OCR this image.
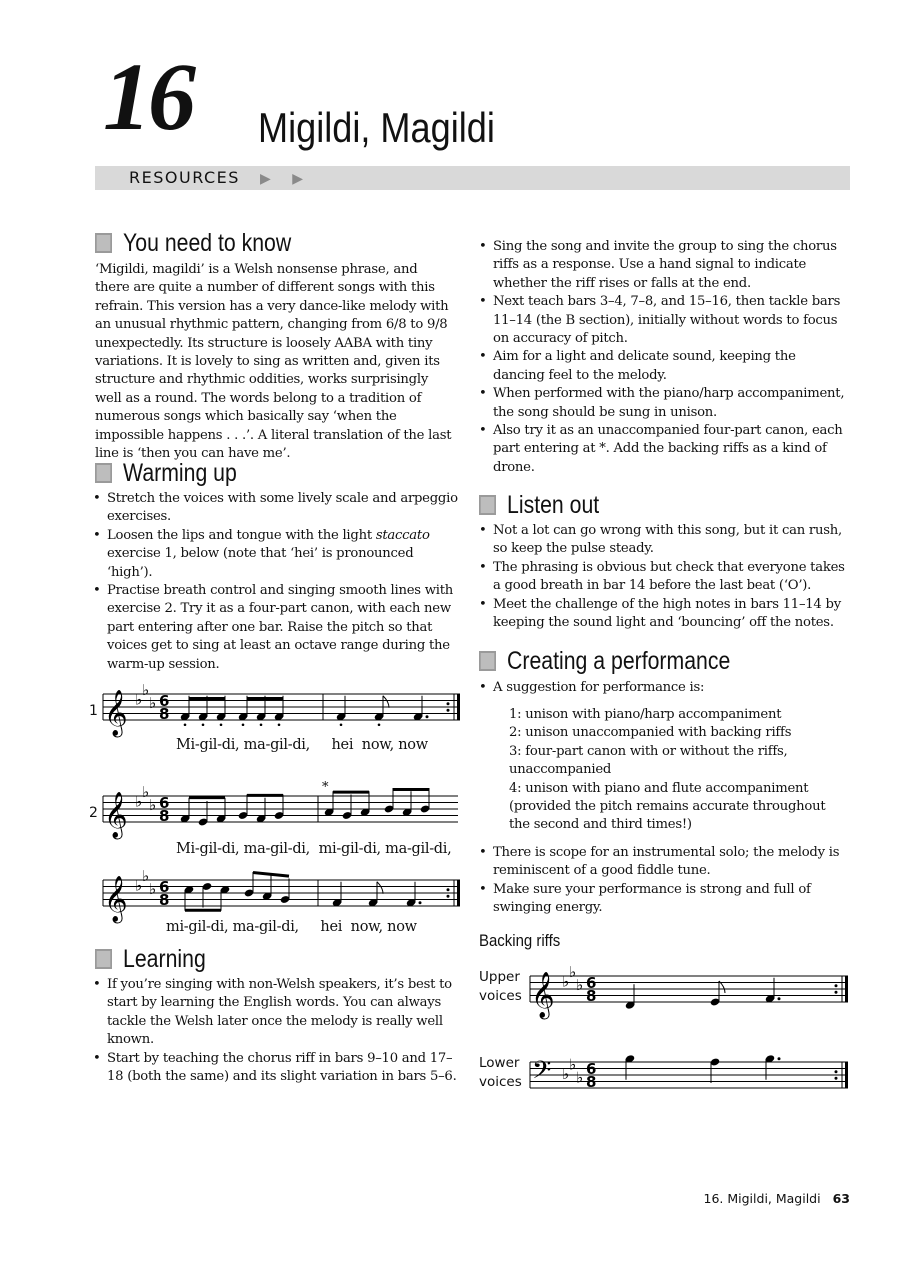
16 Migildi, Magildi
RESOURCES ▶ ▶
You need to know
‘Migildi, magildi’ is a Welsh nonsense phrase, and there are quite a number of different songs with this refrain. This version has a very dance-like melody with an unusual rhythmic pattern, changing from 6/8 to 9/8 unexpectedly. Its structure is loosely AABA with tiny variations. It is lovely to sing as written and, given its structure and rhythmic oddities, works surprisingly well as a round. The words belong to a tradition of numerous songs which basically say ‘when the impossible happens . . .’. A literal translation of the last line is ‘then you can have me’.
Warming up
• Stretch the voices with some lively scale and arpeggio exercises.
• Loosen the lips and tongue with the light staccato exercise 1, below (note that ‘hei’ is pronounced ‘high’).
• Practise breath control and singing smooth lines with exercise 2. Try it as a four-part canon, with each new part entering after one bar. Raise the pitch so that voices get to sing at least an octave range during the warm-up session.
1 𝄞 ♭
♭
♭ 6
8
Mi-gil-di, ma-gil-di,     hei  now, now
2
*
𝄞 ♭
♭
♭ 6
8
Mi-gil-di, ma-gil-di,  mi-gil-di, ma-gil-di,
𝄞 ♭
♭
♭ 6
8
mi-gil-di, ma-gil-di,     hei  now, now
Learning
• If you’re singing with non-Welsh speakers, it’s best to start by learning the English words. You can always tackle the Welsh later once the melody is really well known.
• Start by teaching the chorus riff in bars 9–10 and 17–18 (both the same) and its slight variation in bars 5–6.
• Sing the song and invite the group to sing the chorus riffs as a response. Use a hand signal to indicate whether the riff rises or falls at the end.
• Next teach bars 3–4, 7–8, and 15–16, then tackle bars 11–14 (the B section), initially without words to focus on accuracy of pitch.
• Aim for a light and delicate sound, keeping the dancing feel to the melody.
• When performed with the piano/harp accompaniment, the song should be sung in unison.
• Also try it as an unaccompanied four-part canon, each part entering at *. Add the backing riffs as a kind of drone.
Listen out
• Not a lot can go wrong with this song, but it can rush, so keep the pulse steady.
• The phrasing is obvious but check that everyone takes a good breath in bar 14 before the last beat (‘O’).
• Meet the challenge of the high notes in bars 11–14 by keeping the sound light and ‘bouncing’ off the notes.
Creating a performance
• A suggestion for performance is:
1: unison with piano/harp accompaniment
2: unison unaccompanied with backing riffs
3: four-part canon with or without the riffs, unaccompanied
4: unison with piano and flute accompaniment (provided the pitch remains accurate throughout the second and third times!)
• There is scope for an instrumental solo; the melody is reminiscent of a good fiddle tune.
• Make sure your performance is strong and full of swinging energy.
Backing riffs
Upper voices 𝄞 ♭
♭
♭ 6
8
Lower voices 𝄢 ♭
♭
♭ 6
8
16. Migildi, Magildi 63
